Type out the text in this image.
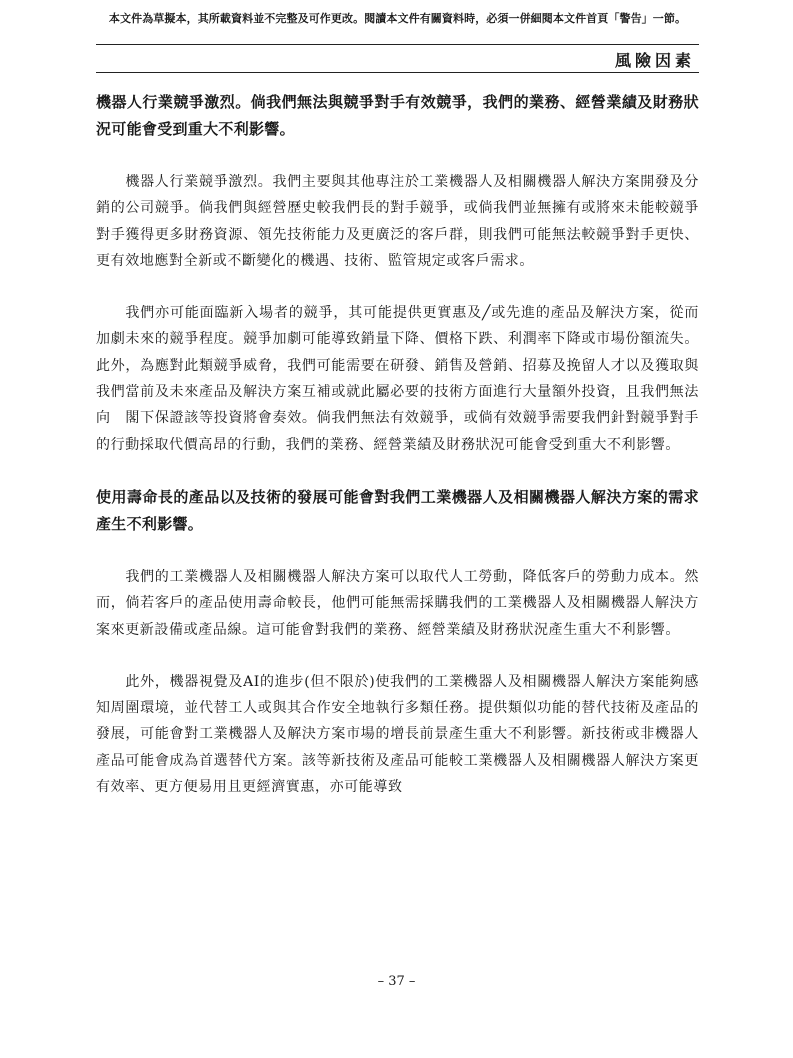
本文件為草擬本，其所載資料並不完整及可作更改。閱讀本文件有關資料時，必須一併細閱本文件首頁「警告」一節。
風險因素

機器人行業競爭激烈。倘我們無法與競爭對手有效競爭，我們的業務、經營業績及財務狀況可能會受到重大不利影響。

機器人行業競爭激烈。我們主要與其他專注於工業機器人及相關機器人解決方案開發及分銷的公司競爭。倘我們與經營歷史較我們長的對手競爭，或倘我們並無擁有或將來未能較競爭對手獲得更多財務資源、領先技術能力及更廣泛的客戶群，則我們可能無法較競爭對手更快、更有效地應對全新或不斷變化的機遇、技術、監管規定或客戶需求。

我們亦可能面臨新入場者的競爭，其可能提供更實惠及╱或先進的產品及解決方案，從而加劇未來的競爭程度。競爭加劇可能導致銷量下降、價格下跌、利潤率下降或市場份額流失。此外，為應對此類競爭威脅，我們可能需要在研發、銷售及營銷、招募及挽留人才以及獲取與我們當前及未來產品及解決方案互補或就此屬必要的技術方面進行大量額外投資，且我們無法向　閣下保證該等投資將會奏效。倘我們無法有效競爭，或倘有效競爭需要我們針對競爭對手的行動採取代價高昂的行動，我們的業務、經營業績及財務狀況可能會受到重大不利影響。

使用壽命長的產品以及技術的發展可能會對我們工業機器人及相關機器人解決方案的需求產生不利影響。

我們的工業機器人及相關機器人解決方案可以取代人工勞動，降低客戶的勞動力成本。然而，倘若客戶的產品使用壽命較長，他們可能無需採購我們的工業機器人及相關機器人解決方案來更新設備或產品線。這可能會對我們的業務、經營業績及財務狀況產生重大不利影響。

此外，機器視覺及AI的進步(但不限於)使我們的工業機器人及相關機器人解決方案能夠感知周圍環境，並代替工人或與其合作安全地執行多類任務。提供類似功能的替代技術及產品的發展，可能會對工業機器人及解決方案市場的增長前景產生重大不利影響。新技術或非機器人產品可能會成為首選替代方案。該等新技術及產品可能較工業機器人及相關機器人解決方案更有效率、更方便易用且更經濟實惠，亦可能導致

– 37 –
